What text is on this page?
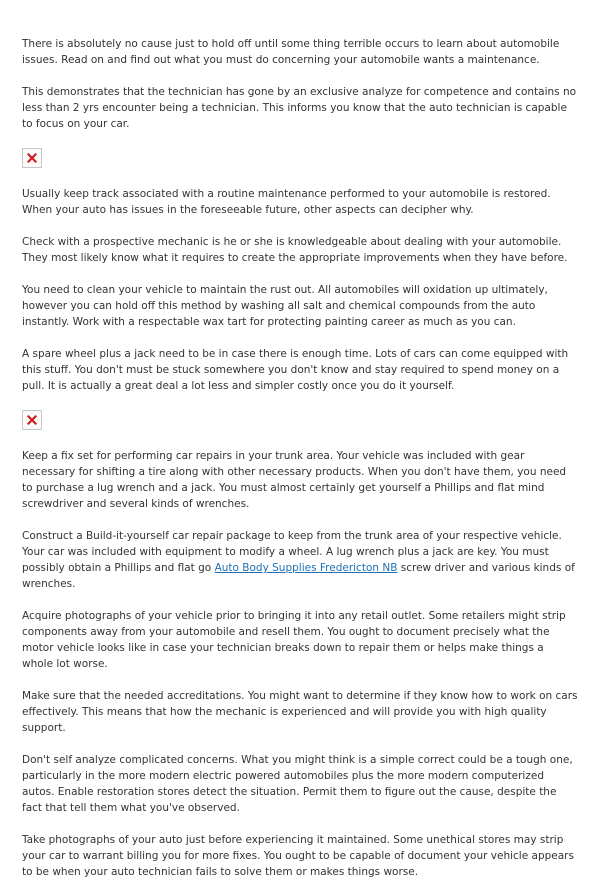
There is absolutely no cause just to hold off until some thing terrible occurs to learn about automobile issues. Read on and find out what you must do concerning your automobile wants a maintenance.

This demonstrates that the technician has gone by an exclusive analyze for competence and contains no less than 2 yrs encounter being a technician. This informs you know that the auto technician is capable to focus on your car.

Usually keep track associated with a routine maintenance performed to your automobile is restored. When your auto has issues in the foreseeable future, other aspects can decipher why.

Check with a prospective mechanic is he or she is knowledgeable about dealing with your automobile. They most likely know what it requires to create the appropriate improvements when they have before.

You need to clean your vehicle to maintain the rust out. All automobiles will oxidation up ultimately, however you can hold off this method by washing all salt and chemical compounds from the auto instantly. Work with a respectable wax tart for protecting painting career as much as you can.

A spare wheel plus a jack need to be in case there is enough time. Lots of cars can come equipped with this stuff. You don't must be stuck somewhere you don't know and stay required to spend money on a pull. It is actually a great deal a lot less and simpler costly once you do it yourself.

Keep a fix set for performing car repairs in your trunk area. Your vehicle was included with gear necessary for shifting a tire along with other necessary products. When you don't have them, you need to purchase a lug wrench and a jack. You must almost certainly get yourself a Phillips and flat mind screwdriver and several kinds of wrenches.

Construct a Build-it-yourself car repair package to keep from the trunk area of your respective vehicle. Your car was included with equipment to modify a wheel. A lug wrench plus a jack are key. You must possibly obtain a Phillips and flat go Auto Body Supplies Fredericton NB screw driver and various kinds of wrenches.

Acquire photographs of your vehicle prior to bringing it into any retail outlet. Some retailers might strip components away from your automobile and resell them. You ought to document precisely what the motor vehicle looks like in case your technician breaks down to repair them or helps make things a whole lot worse.

Make sure that the needed accreditations. You might want to determine if they know how to work on cars effectively. This means that how the mechanic is experienced and will provide you with high quality support.

Don't self analyze complicated concerns. What you might think is a simple correct could be a tough one, particularly in the more modern electric powered automobiles plus the more modern computerized autos. Enable restoration stores detect the situation. Permit them to figure out the cause, despite the fact that tell them what you've observed.

Take photographs of your auto just before experiencing it maintained. Some unethical stores may strip your car to warrant billing you for more fixes. You ought to be capable of document your vehicle appears to be when your auto technician fails to solve them or makes things worse.
